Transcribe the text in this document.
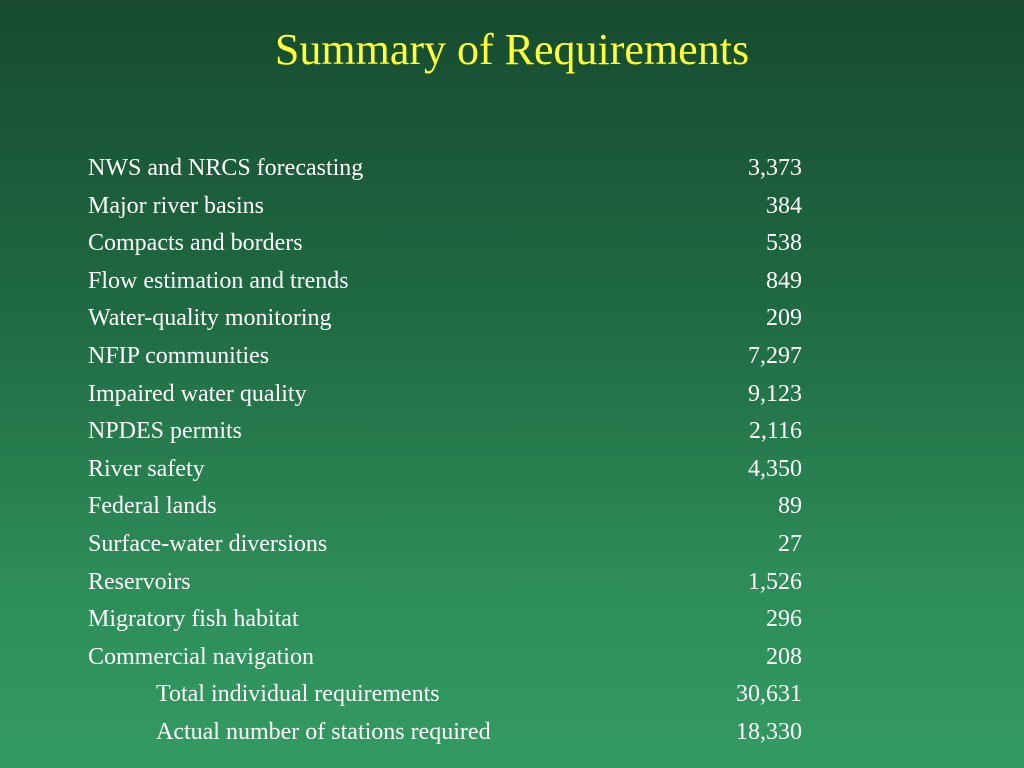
Summary of Requirements
NWS and NRCS forecasting	3,373
Major river basins	384
Compacts and borders	538
Flow estimation and trends	849
Water-quality monitoring	209
NFIP communities	7,297
Impaired water quality	9,123
NPDES permits	2,116
River safety	4,350
Federal lands	89
Surface-water diversions	27
Reservoirs	1,526
Migratory fish habitat	296
Commercial navigation	208
Total individual requirements	30,631
Actual number of stations required	18,330
